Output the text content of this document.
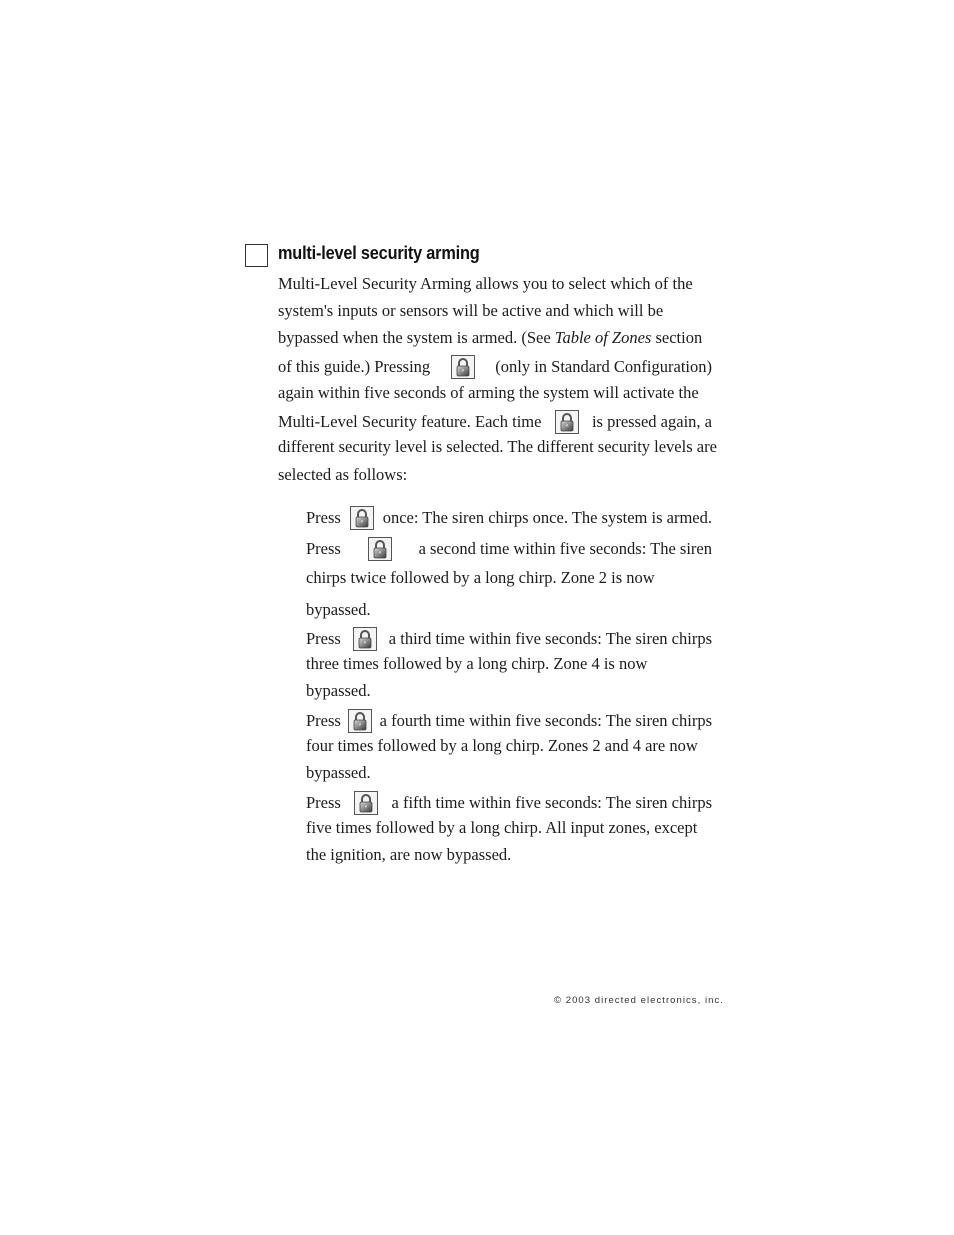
multi-level security arming
Multi-Level Security Arming allows you to select which of the
system's inputs or sensors will be active and which will be
bypassed when the system is armed. (See Table of Zones section
of this guide.) Pressing	(only in Standard Configuration)
again within five seconds of arming the system will activate the
Multi-Level Security feature. Each time	is pressed again, a
different security level is selected. The different security levels are
selected as follows:
Press	once: The siren chirps once. The system is armed.
Press	a second time within five seconds: The siren
chirps twice followed by a long chirp. Zone 2 is now
bypassed.
Press	a third time within five seconds: The siren chirps
three times followed by a long chirp. Zone 4 is now
bypassed.
Press a fourth time within five seconds: The siren chirps
four times followed by a long chirp. Zones 2 and 4 are now
bypassed.
Press	a fifth time within five seconds: The siren chirps
five times followed by a long chirp. All input zones, except
the ignition, are now bypassed.
© 2003 directed electronics, inc.
